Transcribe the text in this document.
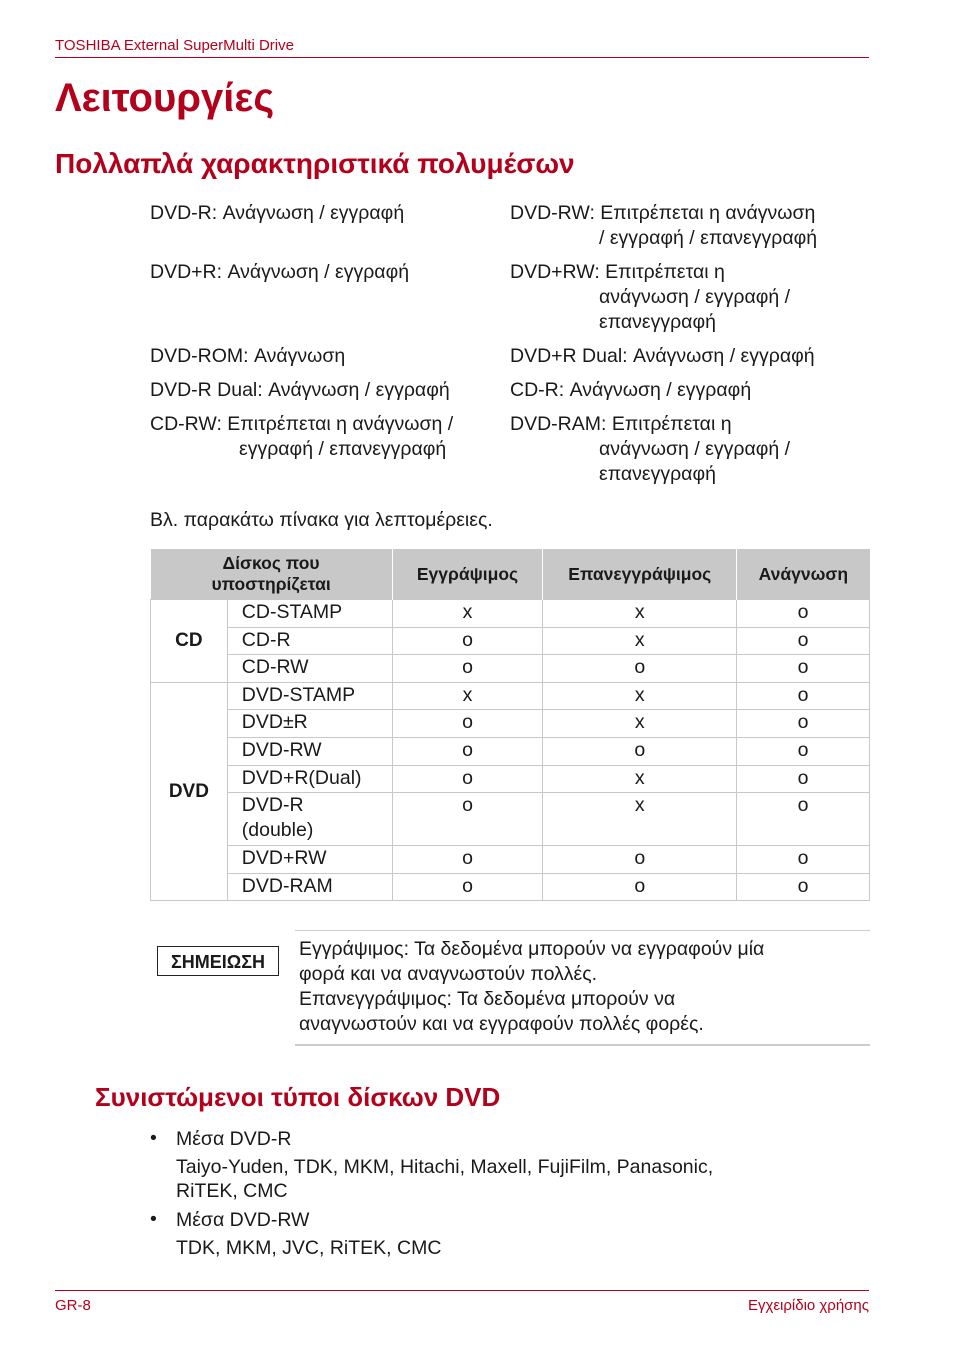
TOSHIBA External SuperMulti Drive
Λειτουργίες
Πολλαπλά χαρακτηριστικά πολυμέσων
DVD-R: Ανάγνωση / εγγραφή
DVD+R: Ανάγνωση / εγγραφή
DVD-ROM: Ανάγνωση
DVD-R Dual: Ανάγνωση / εγγραφή
CD-RW: Επιτρέπεται η ανάγνωση /
εγγραφή / επανεγγραφή
DVD-RW: Επιτρέπεται η ανάγνωση
/ εγγραφή / επανεγγραφή
DVD+RW: Επιτρέπεται η
ανάγνωση / εγγραφή /
επανεγγραφή
DVD+R Dual: Ανάγνωση / εγγραφή
CD-R: Ανάγνωση / εγγραφή
DVD-RAM: Επιτρέπεται η
ανάγνωση / εγγραφή /
επανεγγραφή
Βλ. παρακάτω πίνακα για λεπτομέρειες.
Δίσκος που
υποστηρίζεται		Εγγράψιμος	Επανεγγράψιμος	Ανάγνωση
CD	CD-STAMP	x	x	o
	CD-R	o	x	o
	CD-RW	o	o	o
DVD	DVD-STAMP	x	x	o
	DVD±R	o	x	o
	DVD-RW	o	o	o
	DVD+R(Dual)	o	x	o
	DVD-R
(double)	o	x	o
	DVD+RW	o	o	o
	DVD-RAM	o	o	o
ΣΗΜΕΙΩΣΗ
Εγγράψιμος: Τα δεδομένα μπορούν να εγγραφούν μία
φορά και να αναγνωστούν πολλές.
Επανεγγράψιμος: Τα δεδομένα μπορούν να
αναγνωστούν και να εγγραφούν πολλές φορές.
Συνιστώμενοι τύποι δίσκων DVD
• Μέσα DVD-R
Taiyo-Yuden, TDK, MKM, Hitachi, Maxell, FujiFilm, Panasonic,
RiTEK, CMC
• Μέσα DVD-RW
TDK, MKM, JVC, RiTEK, CMC
GR-8	Εγχειρίδιο χρήσης
